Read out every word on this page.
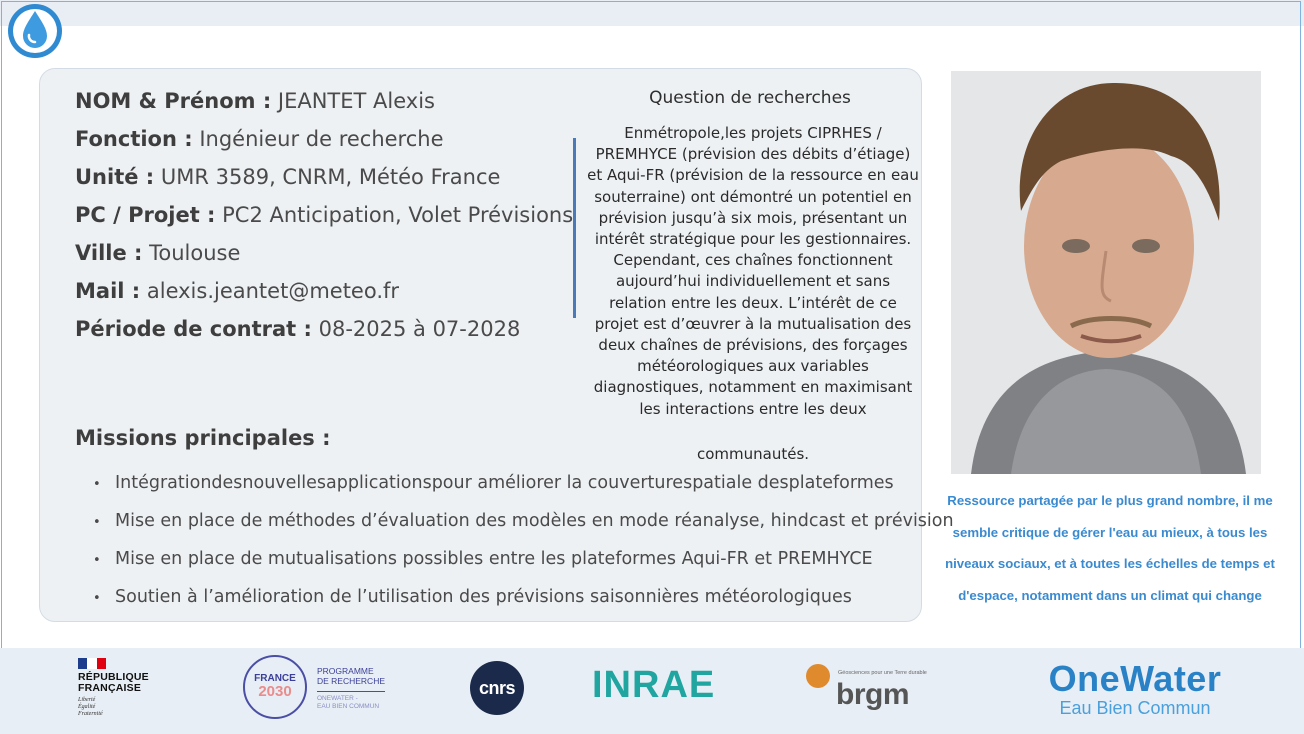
NOM & Prénom : JEANTET Alexis
Fonction : Ingénieur de recherche
Unité : UMR 3589, CNRM, Météo France
PC / Projet : PC2 Anticipation, Volet Prévisions
Ville : Toulouse
Mail : alexis.jeantet@meteo.fr
Période de contrat : 08-2025 à 07-2028
Question de recherches
Enmétropole,les projets CIPRHES / PREMHYCE (prévision des débits d’étiage) et Aqui-FR (prévision de la ressource en eau souterraine) ont démontré un potentiel en prévision jusqu’à six mois, présentant un intérêt stratégique pour les gestionnaires. Cependant, ces chaînes fonctionnent aujourd’hui individuellement et sans relation entre les deux. L’intérêt de ce projet est d’œuvrer à la mutualisation des deux chaînes de prévisions, des forçages météorologiques aux variables diagnostiques, notamment en maximisant les interactions entre les deux
communautés.
Missions principales :
• Intégrationdesnouvellesapplicationspour améliorer la couverturespatiale desplateformes
• Mise en place de méthodes d’évaluation des modèles en mode réanalyse, hindcast et prévision
• Mise en place de mutualisations possibles entre les plateformes Aqui-FR et PREMHYCE
• Soutien à l’amélioration de l’utilisation des prévisions saisonnières météorologiques
Ressource partagée par le plus grand nombre, il me semble critique de gérer l'eau au mieux, à tous les niveaux sociaux, et à toutes les échelles de temps et d'espace, notamment dans un climat qui change
RÉPUBLIQUE
FRANÇAISE
Liberté
Égalité
Fraternité
FRANCE
2030
PROGRAMME
DE RECHERCHE
ONEWATER -
EAU BIEN COMMUN
cnrs INRAE	Géosciences pour une Terre durable
brgm	OneWater
Eau Bien Commun
